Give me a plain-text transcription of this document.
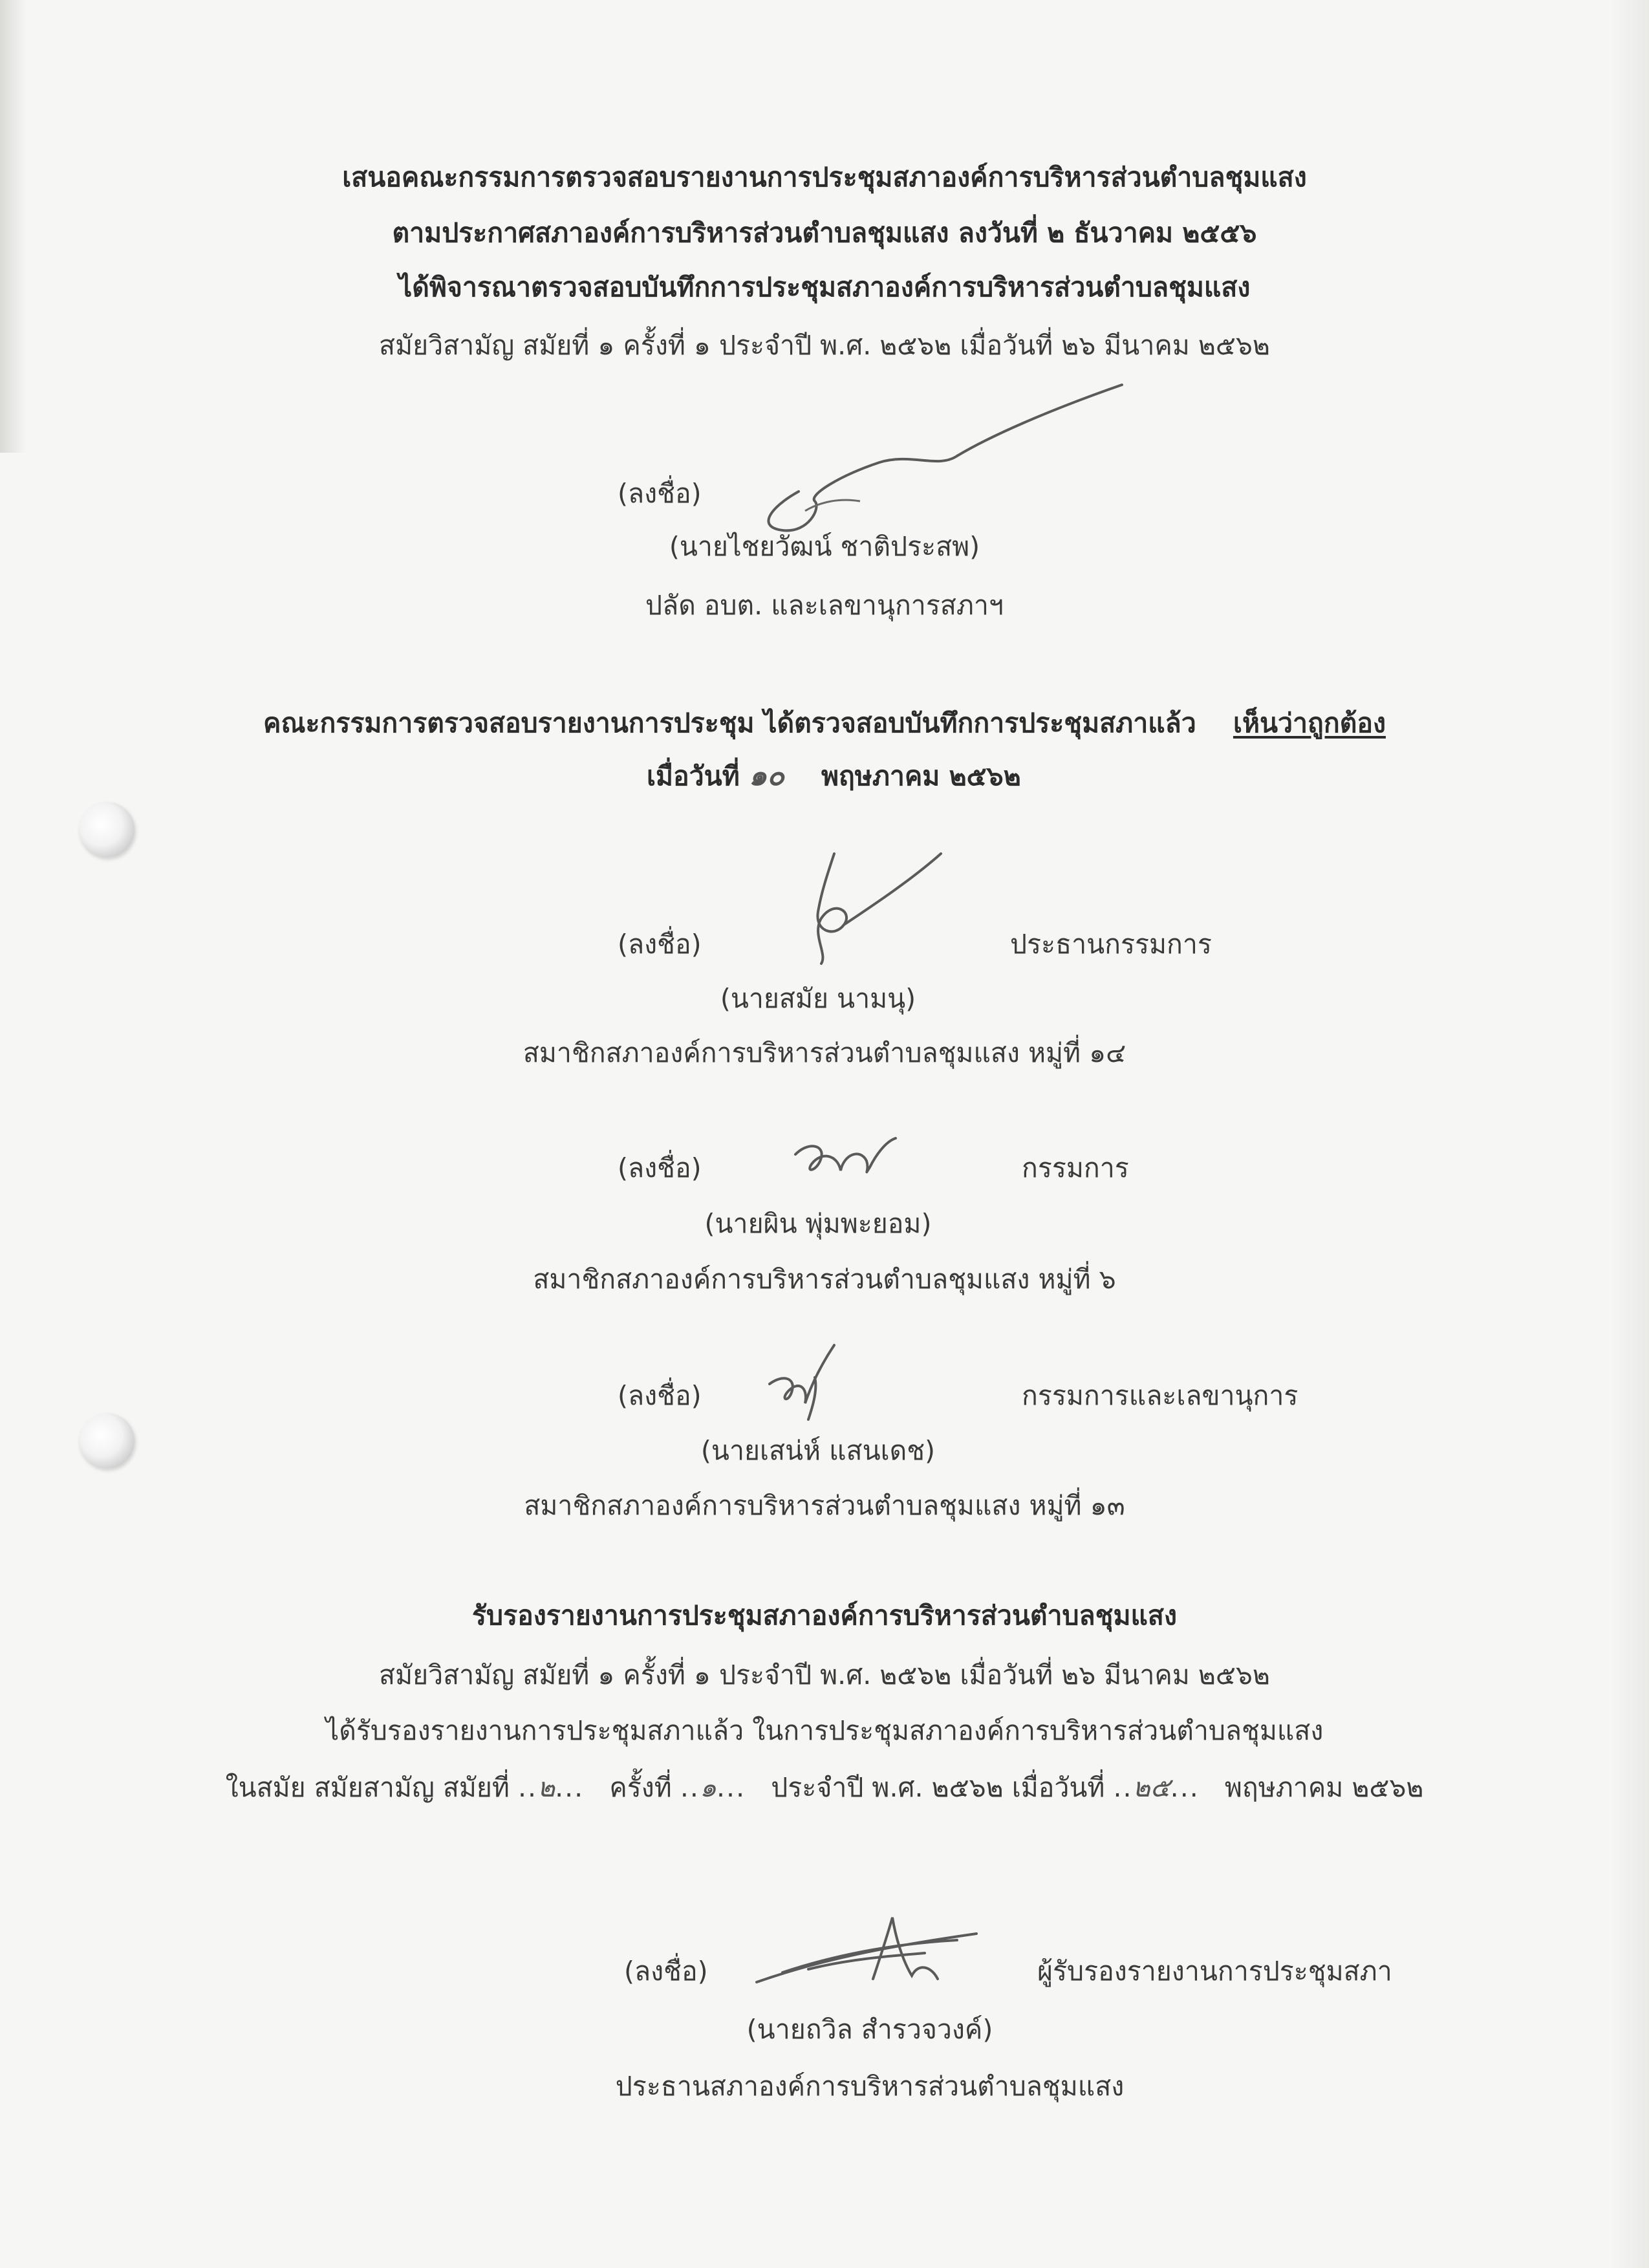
เสนอคณะกรรมการตรวจสอบรายงานการประชุมสภาองค์การบริหารส่วนตำบลชุมแสง
ตามประกาศสภาองค์การบริหารส่วนตำบลชุมแสง ลงวันที่ ๒ ธันวาคม ๒๕๕๖
ได้พิจารณาตรวจสอบบันทึกการประชุมสภาองค์การบริหารส่วนตำบลชุมแสง
สมัยวิสามัญ สมัยที่ ๑ ครั้งที่ ๑ ประจำปี พ.ศ. ๒๕๖๒ เมื่อวันที่ ๒๖ มีนาคม ๒๕๖๒
(ลงชื่อ)
(นายไชยวัฒน์ ชาติประสพ)
ปลัด อบต. และเลขานุการสภาฯ
คณะกรรมการตรวจสอบรายงานการประชุม ได้ตรวจสอบบันทึกการประชุมสภาแล้ว เห็นว่าถูกต้อง
เมื่อวันที่ ๑๐ พฤษภาคม ๒๕๖๒
(ลงชื่อ)	ประธานกรรมการ
(นายสมัย นามนุ)
สมาชิกสภาองค์การบริหารส่วนตำบลชุมแสง หมู่ที่ ๑๔
(ลงชื่อ)	กรรมการ
(นายผิน พุ่มพะยอม)
สมาชิกสภาองค์การบริหารส่วนตำบลชุมแสง หมู่ที่ ๖
(ลงชื่อ)	กรรมการและเลขานุการ
(นายเสน่ห์ แสนเดช)
สมาชิกสภาองค์การบริหารส่วนตำบลชุมแสง หมู่ที่ ๑๓
รับรองรายงานการประชุมสภาองค์การบริหารส่วนตำบลชุมแสง
สมัยวิสามัญ สมัยที่ ๑ ครั้งที่ ๑ ประจำปี พ.ศ. ๒๕๖๒ เมื่อวันที่ ๒๖ มีนาคม ๒๕๖๒
ได้รับรองรายงานการประชุมสภาแล้ว ในการประชุมสภาองค์การบริหารส่วนตำบลชุมแสง
ในสมัย สมัยสามัญ สมัยที่ ..๒... ครั้งที่ ..๑... ประจำปี พ.ศ. ๒๕๖๒ เมื่อวันที่ ..๒๕... พฤษภาคม ๒๕๖๒
(ลงชื่อ)	ผู้รับรองรายงานการประชุมสภา
(นายถวิล สำรวจวงค์)
ประธานสภาองค์การบริหารส่วนตำบลชุมแสง
